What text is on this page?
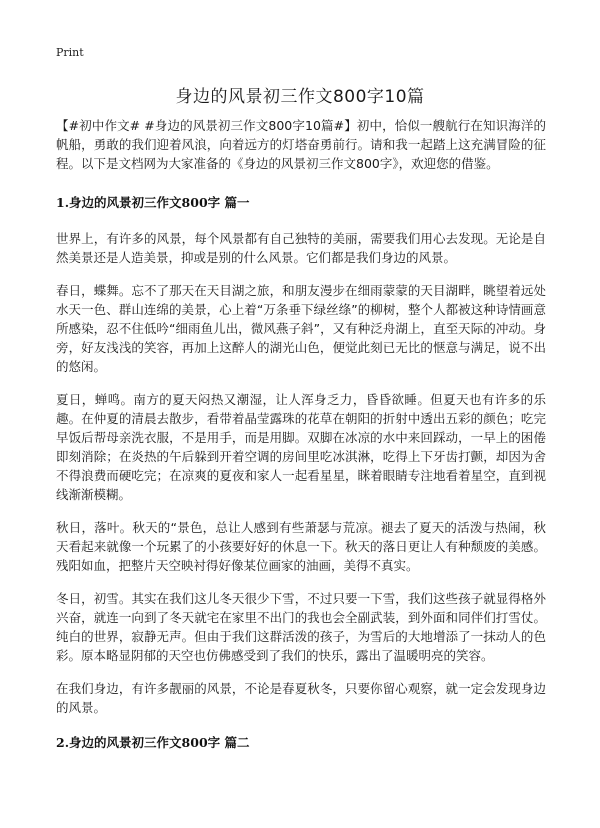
Print
身边的风景初三作文800字10篇

【#初中作文# #身边的风景初三作文800字10篇#】初中，恰似一艘航行在知识海洋的帆船，勇敢的我们迎着风浪，向着远方的灯塔奋勇前行。请和我一起踏上这充满冒险的征程。以下是文档网为大家准备的《身边的风景初三作文800字》，欢迎您的借鉴。

1.身边的风景初三作文800字 篇一

世界上，有许多的风景，每个风景都有自己独特的美丽，需要我们用心去发现。无论是自然美景还是人造美景，抑或是别的什么风景。它们都是我们身边的风景。

春日，蝶舞。忘不了那天在天目湖之旅，和朋友漫步在细雨蒙蒙的天目湖畔，眺望着远处水天一色、群山连绵的美景，心上着“万条垂下绿丝绦”的柳树，整个人都被这种诗情画意所感染，忍不住低吟“细雨鱼儿出，微风燕子斜”，又有种泛舟湖上，直至天际的冲动。身旁，好友浅浅的笑容，再加上这醉人的湖光山色，便觉此刻已无比的惬意与满足，说不出的悠闲。

夏日，蝉鸣。南方的夏天闷热又潮湿，让人浑身乏力，昏昏欲睡。但夏天也有许多的乐趣。在仲夏的清晨去散步，看带着晶莹露珠的花草在朝阳的折射中透出五彩的颜色；吃完早饭后帮母亲洗衣服，不是用手，而是用脚。双脚在冰凉的水中来回踩动，一早上的困倦即刻消除；在炎热的午后躲到开着空调的房间里吃冰淇淋，吃得上下牙齿打颤，却因为舍不得浪费而硬吃完；在凉爽的夏夜和家人一起看星星，眯着眼睛专注地看着星空，直到视线渐渐模糊。

秋日，落叶。秋天的“景色，总让人感到有些萧瑟与荒凉。褪去了夏天的活泼与热闹，秋天看起来就像一个玩累了的小孩要好好的休息一下。秋天的落日更让人有种颓废的美感。残阳如血，把整片天空映衬得好像某位画家的油画，美得不真实。

冬日，初雪。其实在我们这儿冬天很少下雪，不过只要一下雪，我们这些孩子就显得格外兴奋，就连一向到了冬天就宅在家里不出门的我也会全副武装，到外面和同伴们打雪仗。纯白的世界，寂静无声。但由于我们这群活泼的孩子，为雪后的大地增添了一抹动人的色彩。原本略显阴郁的天空也仿佛感受到了我们的快乐，露出了温暖明亮的笑容。

在我们身边，有许多靓丽的风景，不论是春夏秋冬，只要你留心观察，就一定会发现身边的风景。

2.身边的风景初三作文800字 篇二
